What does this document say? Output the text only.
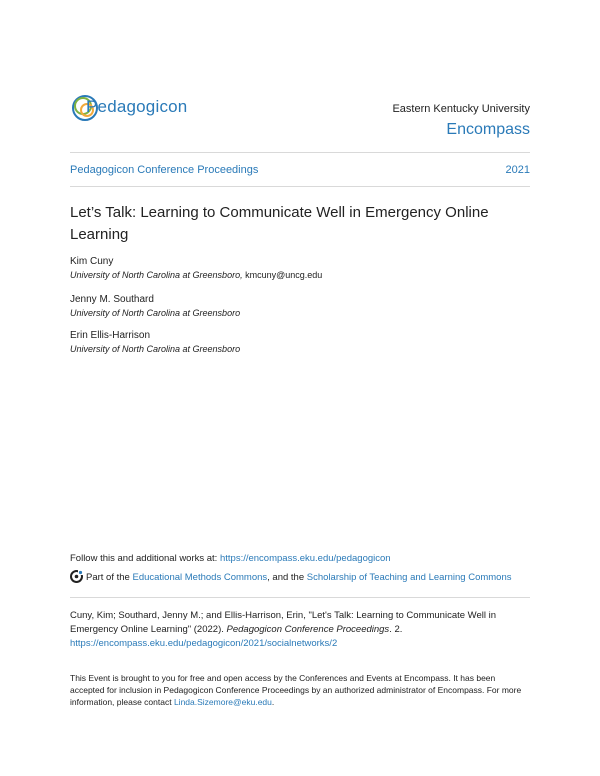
Pedagogicon	Eastern Kentucky University
Encompass
Pedagogicon Conference Proceedings	2021
Let’s Talk: Learning to Communicate Well in Emergency Online Learning
Kim Cuny
University of North Carolina at Greensboro, kmcuny@uncg.edu
Jenny M. Southard
University of North Carolina at Greensboro
Erin Ellis-Harrison
University of North Carolina at Greensboro
Follow this and additional works at: https://encompass.eku.edu/pedagogicon
Part of the Educational Methods Commons, and the Scholarship of Teaching and Learning Commons
Cuny, Kim; Southard, Jenny M.; and Ellis-Harrison, Erin, "Let's Talk: Learning to Communicate Well in Emergency Online Learning" (2022). Pedagogicon Conference Proceedings. 2.
https://encompass.eku.edu/pedagogicon/2021/socialnetworks/2
This Event is brought to you for free and open access by the Conferences and Events at Encompass. It has been accepted for inclusion in Pedagogicon Conference Proceedings by an authorized administrator of Encompass. For more information, please contact Linda.Sizemore@eku.edu.
